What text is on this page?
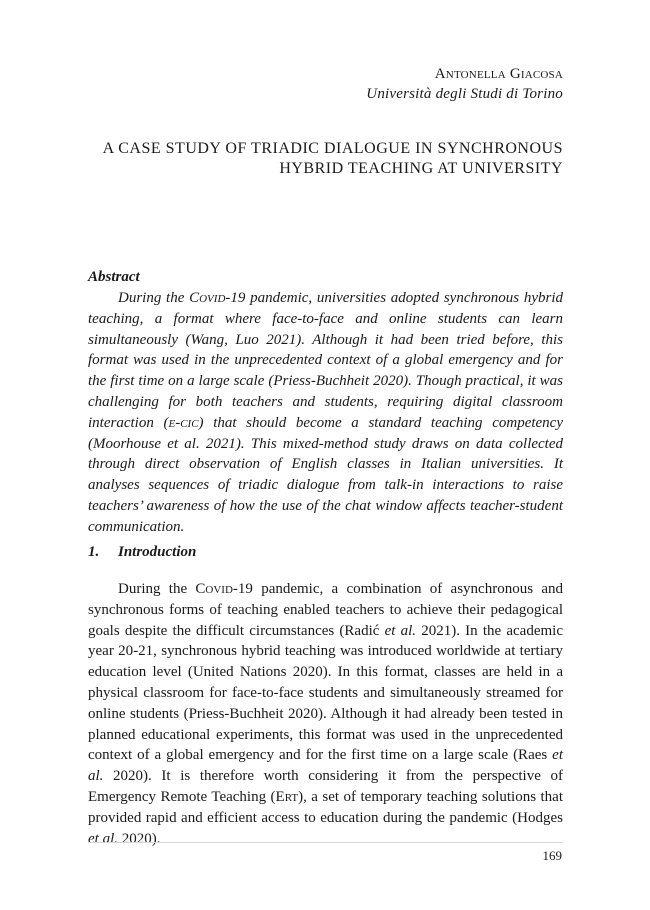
Antonella Giacosa
Università degli Studi di Torino
A CASE STUDY OF TRIADIC DIALOGUE IN SYNCHRONOUS
HYBRID TEACHING AT UNIVERSITY
Abstract

During the Covid-19 pandemic, universities adopted synchronous hybrid teaching, a format where face-to-face and online students can learn simultaneously (Wang, Luo 2021). Although it had been tried before, this format was used in the unprecedented context of a global emergency and for the first time on a large scale (Priess-Buchheit 2020). Though practical, it was challenging for both teachers and students, requiring digital classroom interaction (e-cic) that should become a standard teaching competency (Moorhouse et al. 2021). This mixed-method study draws on data collected through direct observation of English classes in Italian universities. It analyses sequences of triadic dialogue from talk-in interactions to raise teachers’ awareness of how the use of the chat window affects teacher-student communication.

1. Introduction

During the Covid-19 pandemic, a combination of asynchronous and synchronous forms of teaching enabled teachers to achieve their pedagogical goals despite the difficult circumstances (Radić et al. 2021). In the academic year 20-21, synchronous hybrid teaching was introduced worldwide at tertiary education level (United Nations 2020). In this format, classes are held in a physical classroom for face-to-face students and simultaneously streamed for online students (Priess-Buchheit 2020). Although it had already been tested in planned educational experiments, this format was used in the unprecedented context of a global emergency and for the first time on a large scale (Raes et al. 2020). It is therefore worth considering it from the perspective of Emergency Remote Teaching (Ert), a set of temporary teaching solutions that provided rapid and efficient access to education during the pandemic (Hodges et al. 2020).

169
